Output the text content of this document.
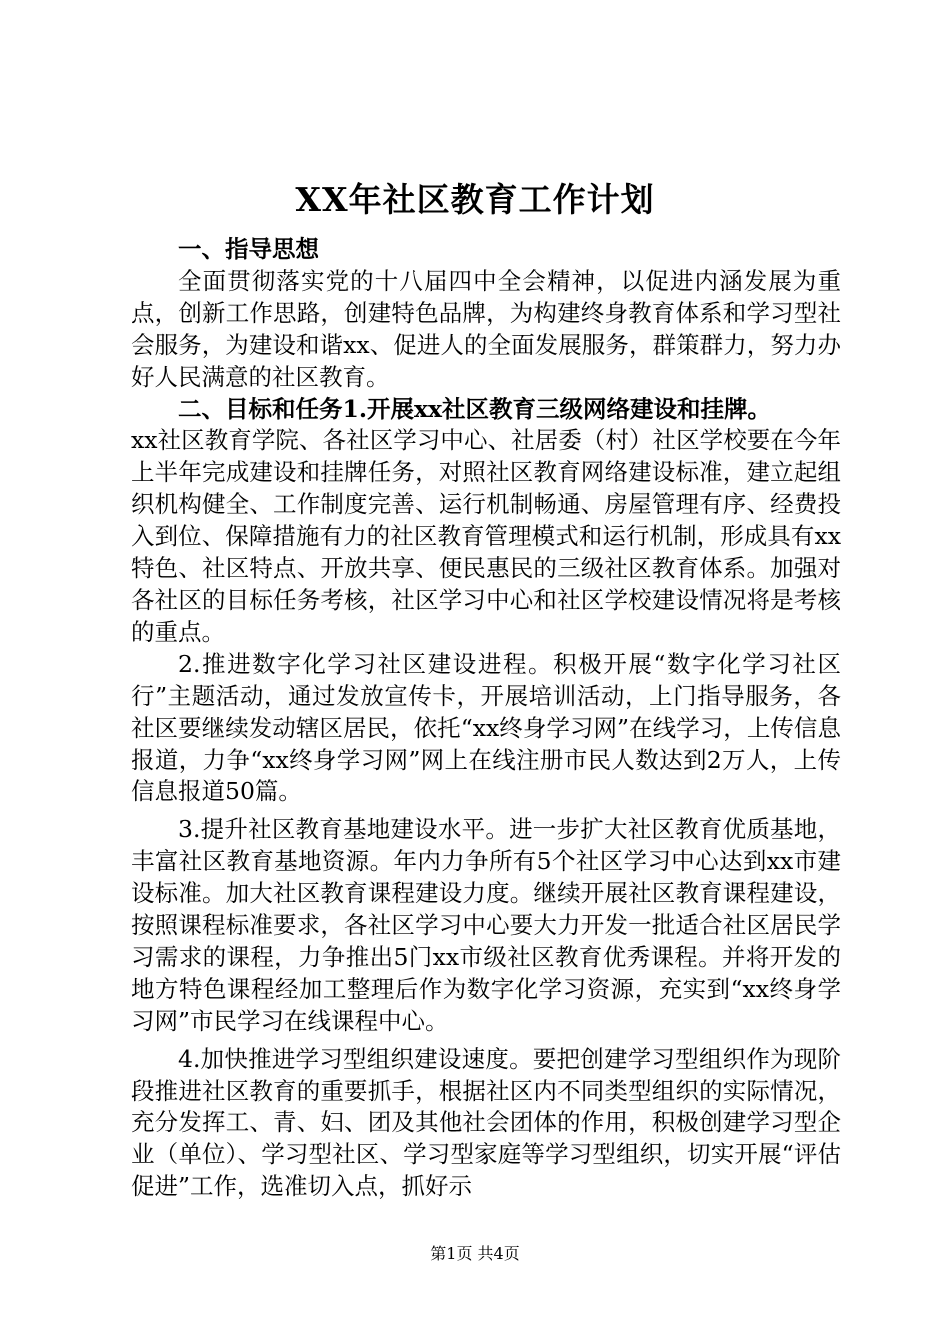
XX年社区教育工作计划

一、指导思想

全面贯彻落实党的十八届四中全会精神，以促进内涵发展为重点，创新工作思路，创建特色品牌，为构建终身教育体系和学习型社会服务，为建设和谐xx、促进人的全面发展服务，群策群力，努力办好人民满意的社区教育。

二、目标和任务1.开展xx社区教育三级网络建设和挂牌。

xx社区教育学院、各社区学习中心、社居委（村）社区学校要在今年上半年完成建设和挂牌任务，对照社区教育网络建设标准，建立起组织机构健全、工作制度完善、运行机制畅通、房屋管理有序、经费投入到位、保障措施有力的社区教育管理模式和运行机制，形成具有xx特色、社区特点、开放共享、便民惠民的三级社区教育体系。加强对各社区的目标任务考核，社区学习中心和社区学校建设情况将是考核的重点。

2.推进数字化学习社区建设进程。积极开展“数字化学习社区行”主题活动，通过发放宣传卡，开展培训活动，上门指导服务，各社区要继续发动辖区居民，依托“xx终身学习网”在线学习，上传信息报道，力争“xx终身学习网”网上在线注册市民人数达到2万人，上传信息报道50篇。

3.提升社区教育基地建设水平。进一步扩大社区教育优质基地，丰富社区教育基地资源。年内力争所有5个社区学习中心达到xx市建设标准。加大社区教育课程建设力度。继续开展社区教育课程建设，按照课程标准要求，各社区学习中心要大力开发一批适合社区居民学习需求的课程，力争推出5门xx市级社区教育优秀课程。并将开发的地方特色课程经加工整理后作为数字化学习资源，充实到“xx终身学习网”市民学习在线课程中心。

4.加快推进学习型组织建设速度。要把创建学习型组织作为现阶段推进社区教育的重要抓手，根据社区内不同类型组织的实际情况，充分发挥工、青、妇、团及其他社会团体的作用，积极创建学习型企业（单位）、学习型社区、学习型家庭等学习型组织，切实开展“评估促进”工作，选准切入点，抓好示

第1页 共4页
